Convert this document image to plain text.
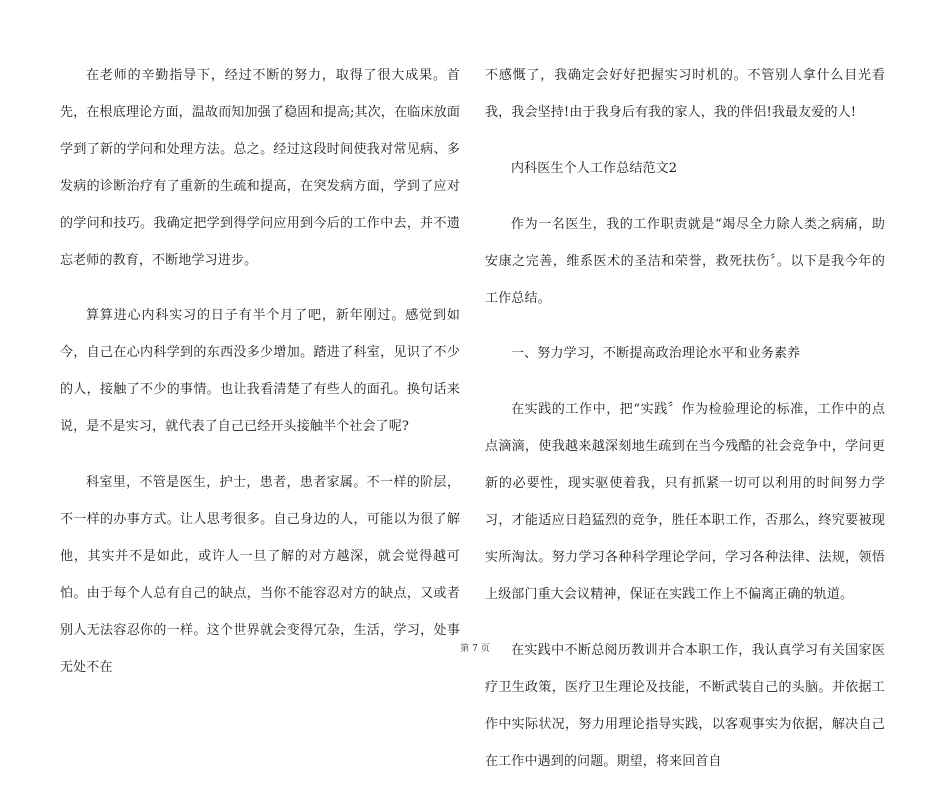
在老师的辛勤指导下，经过不断的努力，取得了很大成果。首先，在根底理论方面，温故而知加强了稳固和提高;其次，在临床放面学到了新的学问和处理方法。总之。经过这段时间使我对常见病、多发病的诊断治疗有了重新的生疏和提高，在突发病方面，学到了应对的学问和技巧。我确定把学到得学问应用到今后的工作中去，并不遗忘老师的教育，不断地学习进步。

算算进心内科实习的日子有半个月了吧，新年刚过。感觉到如今，自己在心内科学到的东西没多少增加。踏进了科室，见识了不少的人，接触了不少的事情。也让我看清楚了有些人的面孔。换句话来说，是不是实习，就代表了自己已经开头接触半个社会了呢?

科室里，不管是医生，护士，患者，患者家属。不一样的阶层，不一样的办事方式。让人思考很多。自己身边的人，可能以为很了解他，其实并不是如此，或许人一旦了解的对方越深，就会觉得越可怕。由于每个人总有自己的缺点，当你不能容忍对方的缺点，又或者别人无法容忍你的一样。这个世界就会变得冗杂，生活，学习，处事无处不在

不感慨了，我确定会好好把握实习时机的。不管别人拿什么目光看我，我会坚持!由于我身后有我的家人，我的伴侣!我最友爱的人!

内科医生个人工作总结范文2

作为一名医生，我的工作职责就是“竭尽全力除人类之病痛，助安康之完善，维系医术的圣洁和荣誉，救死扶伤〞。以下是我今年的工作总结。

一、努力学习，不断提高政治理论水平和业务素养

在实践的工作中，把“实践〞作为检验理论的标准，工作中的点点滴滴，使我越来越深刻地生疏到在当今残酷的社会竞争中，学问更新的必要性，现实驱使着我，只有抓紧一切可以利用的时间努力学习，才能适应日趋猛烈的竞争，胜任本职工作，否那么，终究要被现实所淘汰。努力学习各种科学理论学问，学习各种法律、法规，领悟上级部门重大会议精神，保证在实践工作上不偏离正确的轨道。

在实践中不断总阅历教训并合本职工作，我认真学习有关国家医疗卫生政策，医疗卫生理论及技能，不断武装自己的头脑。并依据工作中实际状况，努力用理论指导实践，以客观事实为依据，解决自己在工作中遇到的问题。期望，将来回首自

第 7 页
